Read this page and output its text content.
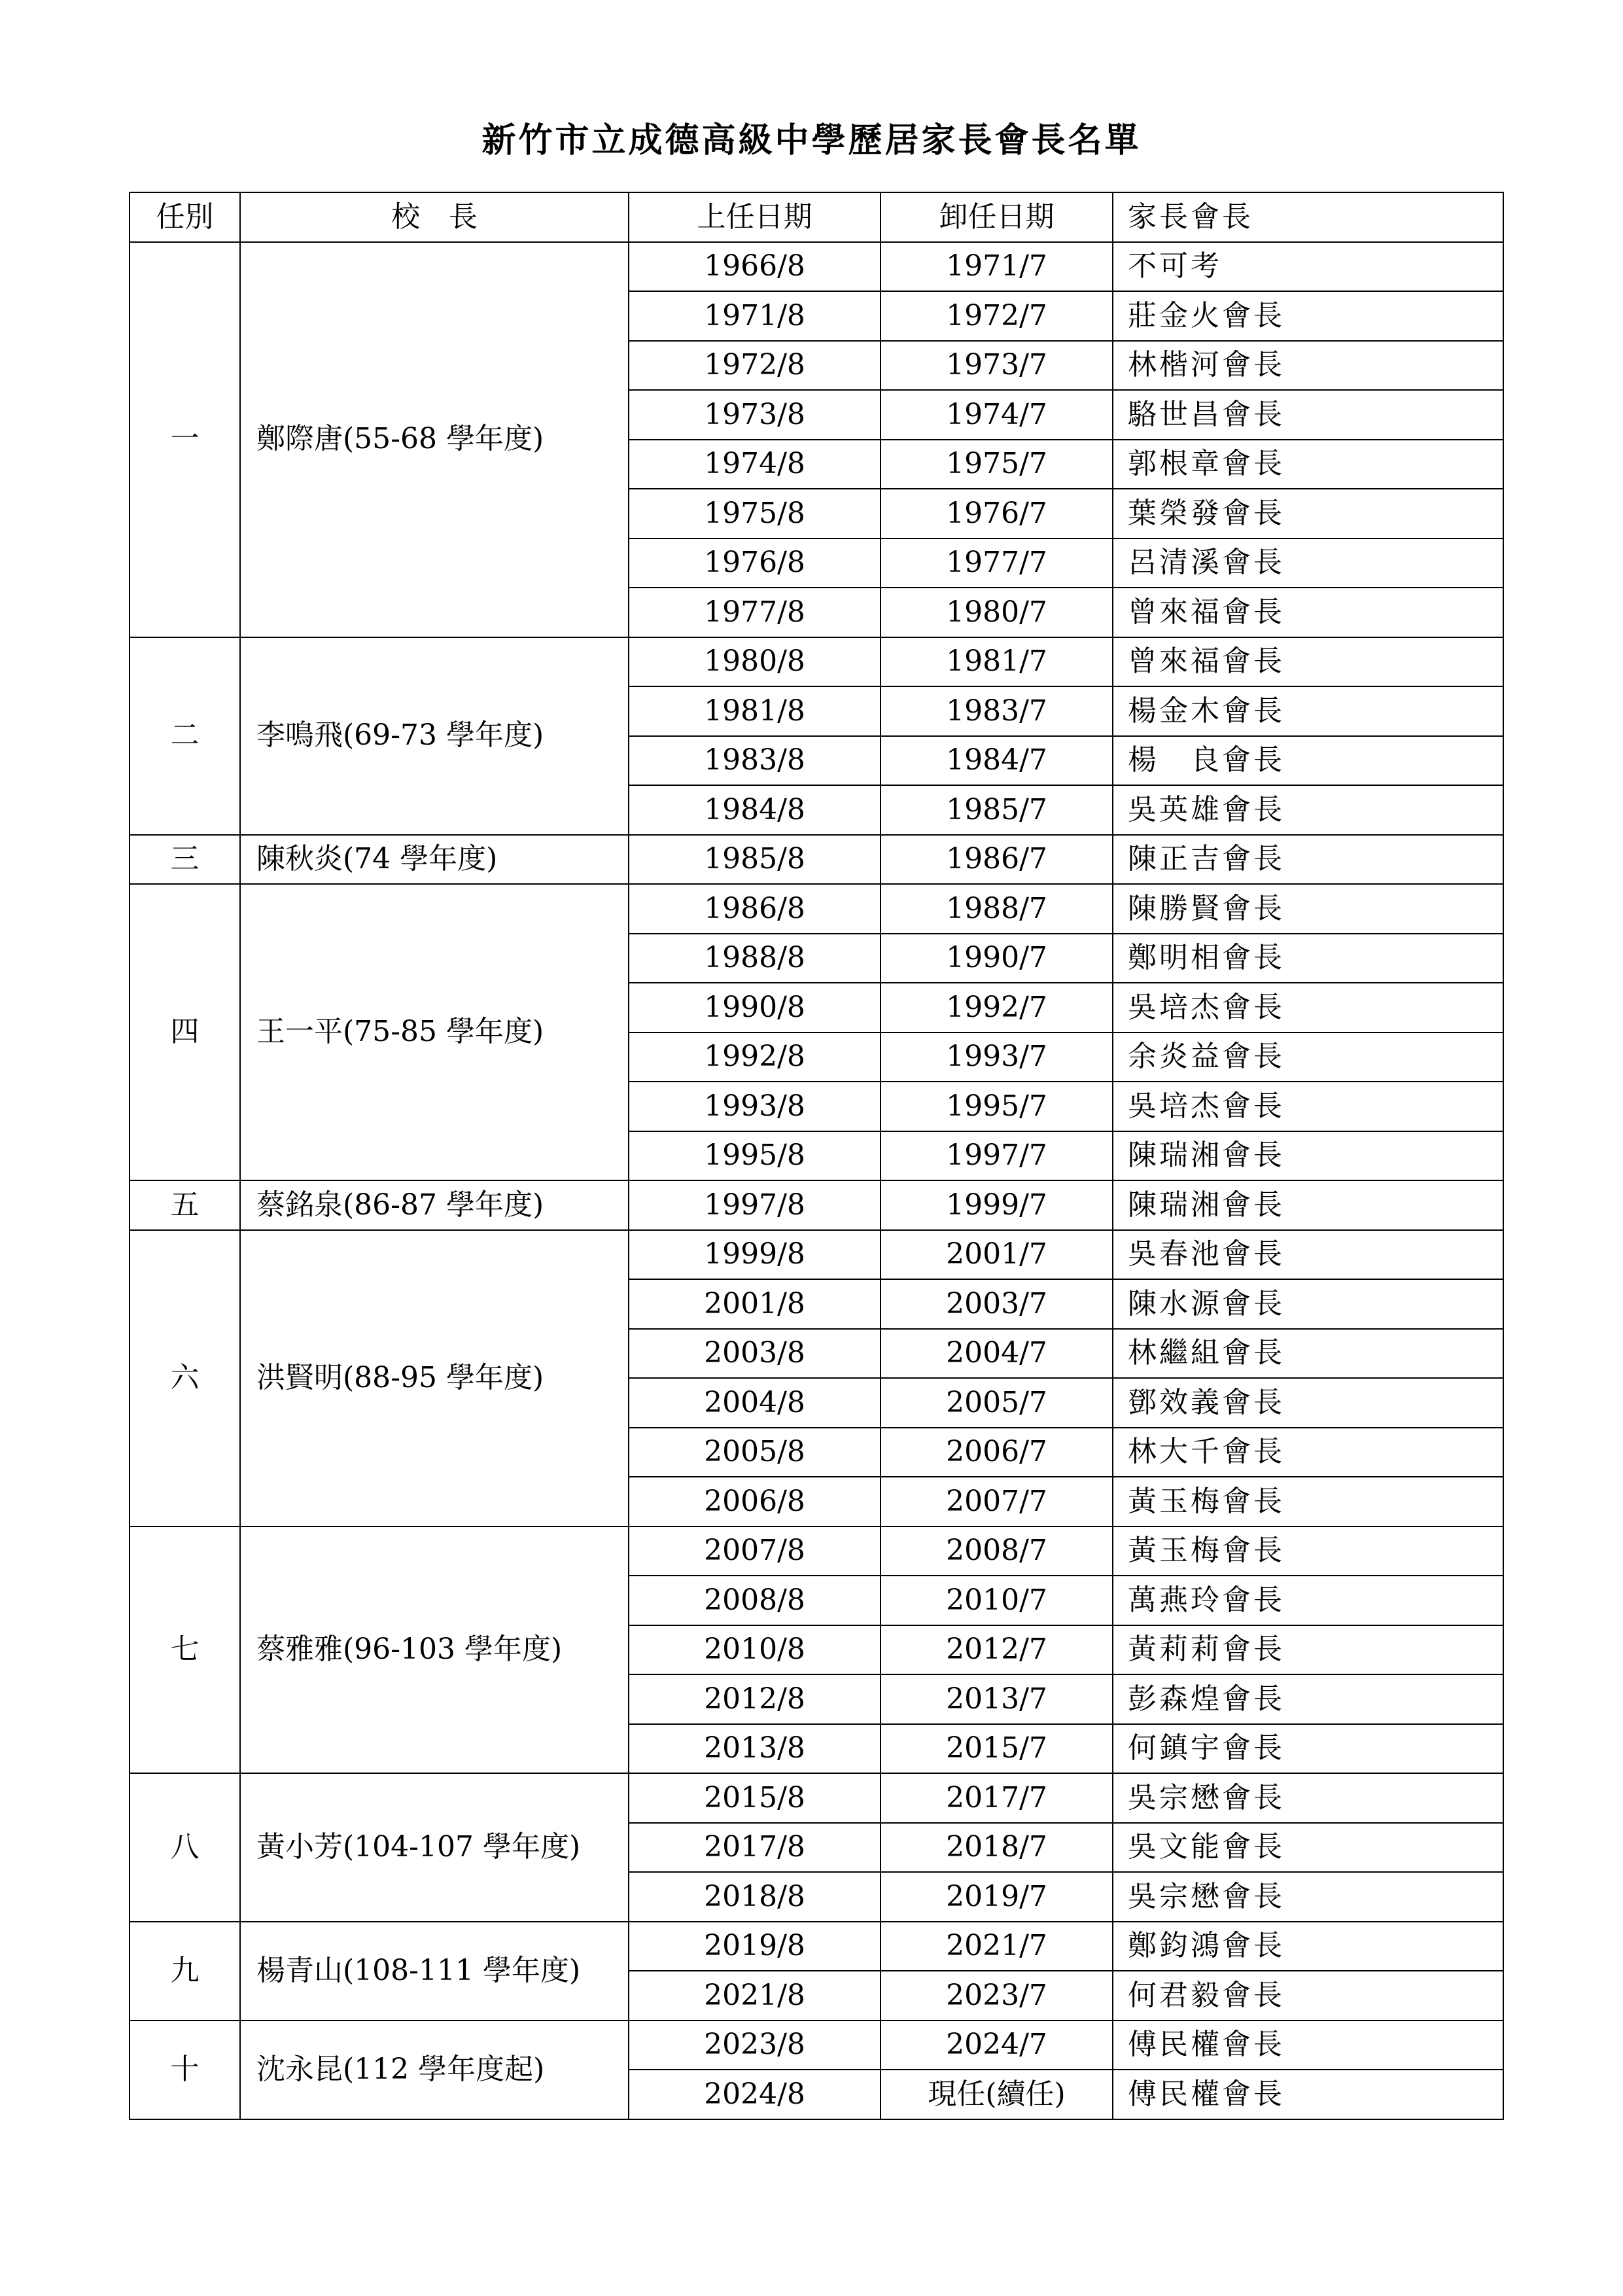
新竹市立成德高級中學歷居家長會長名單
任別	校　長	上任日期	卸任日期	家長會長
一	鄭際唐(55-68 學年度)	1966/8	1971/7	不可考
		1971/8	1972/7	莊金火會長
		1972/8	1973/7	林楷河會長
		1973/8	1974/7	駱世昌會長
		1974/8	1975/7	郭根章會長
		1975/8	1976/7	葉榮發會長
		1976/8	1977/7	呂清溪會長
		1977/8	1980/7	曾來福會長
二	李鳴飛(69-73 學年度)	1980/8	1981/7	曾來福會長
		1981/8	1983/7	楊金木會長
		1983/8	1984/7	楊　良會長
		1984/8	1985/7	吳英雄會長
三	陳秋炎(74 學年度)	1985/8	1986/7	陳正吉會長
四	王一平(75-85 學年度)	1986/8	1988/7	陳勝賢會長
		1988/8	1990/7	鄭明相會長
		1990/8	1992/7	吳培杰會長
		1992/8	1993/7	余炎益會長
		1993/8	1995/7	吳培杰會長
		1995/8	1997/7	陳瑞湘會長
五	蔡銘泉(86-87 學年度)	1997/8	1999/7	陳瑞湘會長
六	洪賢明(88-95 學年度)	1999/8	2001/7	吳春池會長
		2001/8	2003/7	陳水源會長
		2003/8	2004/7	林繼組會長
		2004/8	2005/7	鄧效義會長
		2005/8	2006/7	林大千會長
		2006/8	2007/7	黃玉梅會長
七	蔡雅雅(96-103 學年度)	2007/8	2008/7	黃玉梅會長
		2008/8	2010/7	萬燕玲會長
		2010/8	2012/7	黃莉莉會長
		2012/8	2013/7	彭森煌會長
		2013/8	2015/7	何鎮宇會長
八	黃小芳(104-107 學年度)	2015/8	2017/7	吳宗懋會長
		2017/8	2018/7	吳文能會長
		2018/8	2019/7	吳宗懋會長
九	楊青山(108-111 學年度)	2019/8	2021/7	鄭鈞鴻會長
		2021/8	2023/7	何君毅會長
十	沈永昆(112 學年度起)	2023/8	2024/7	傅民權會長
		2024/8	現任(續任)	傅民權會長
